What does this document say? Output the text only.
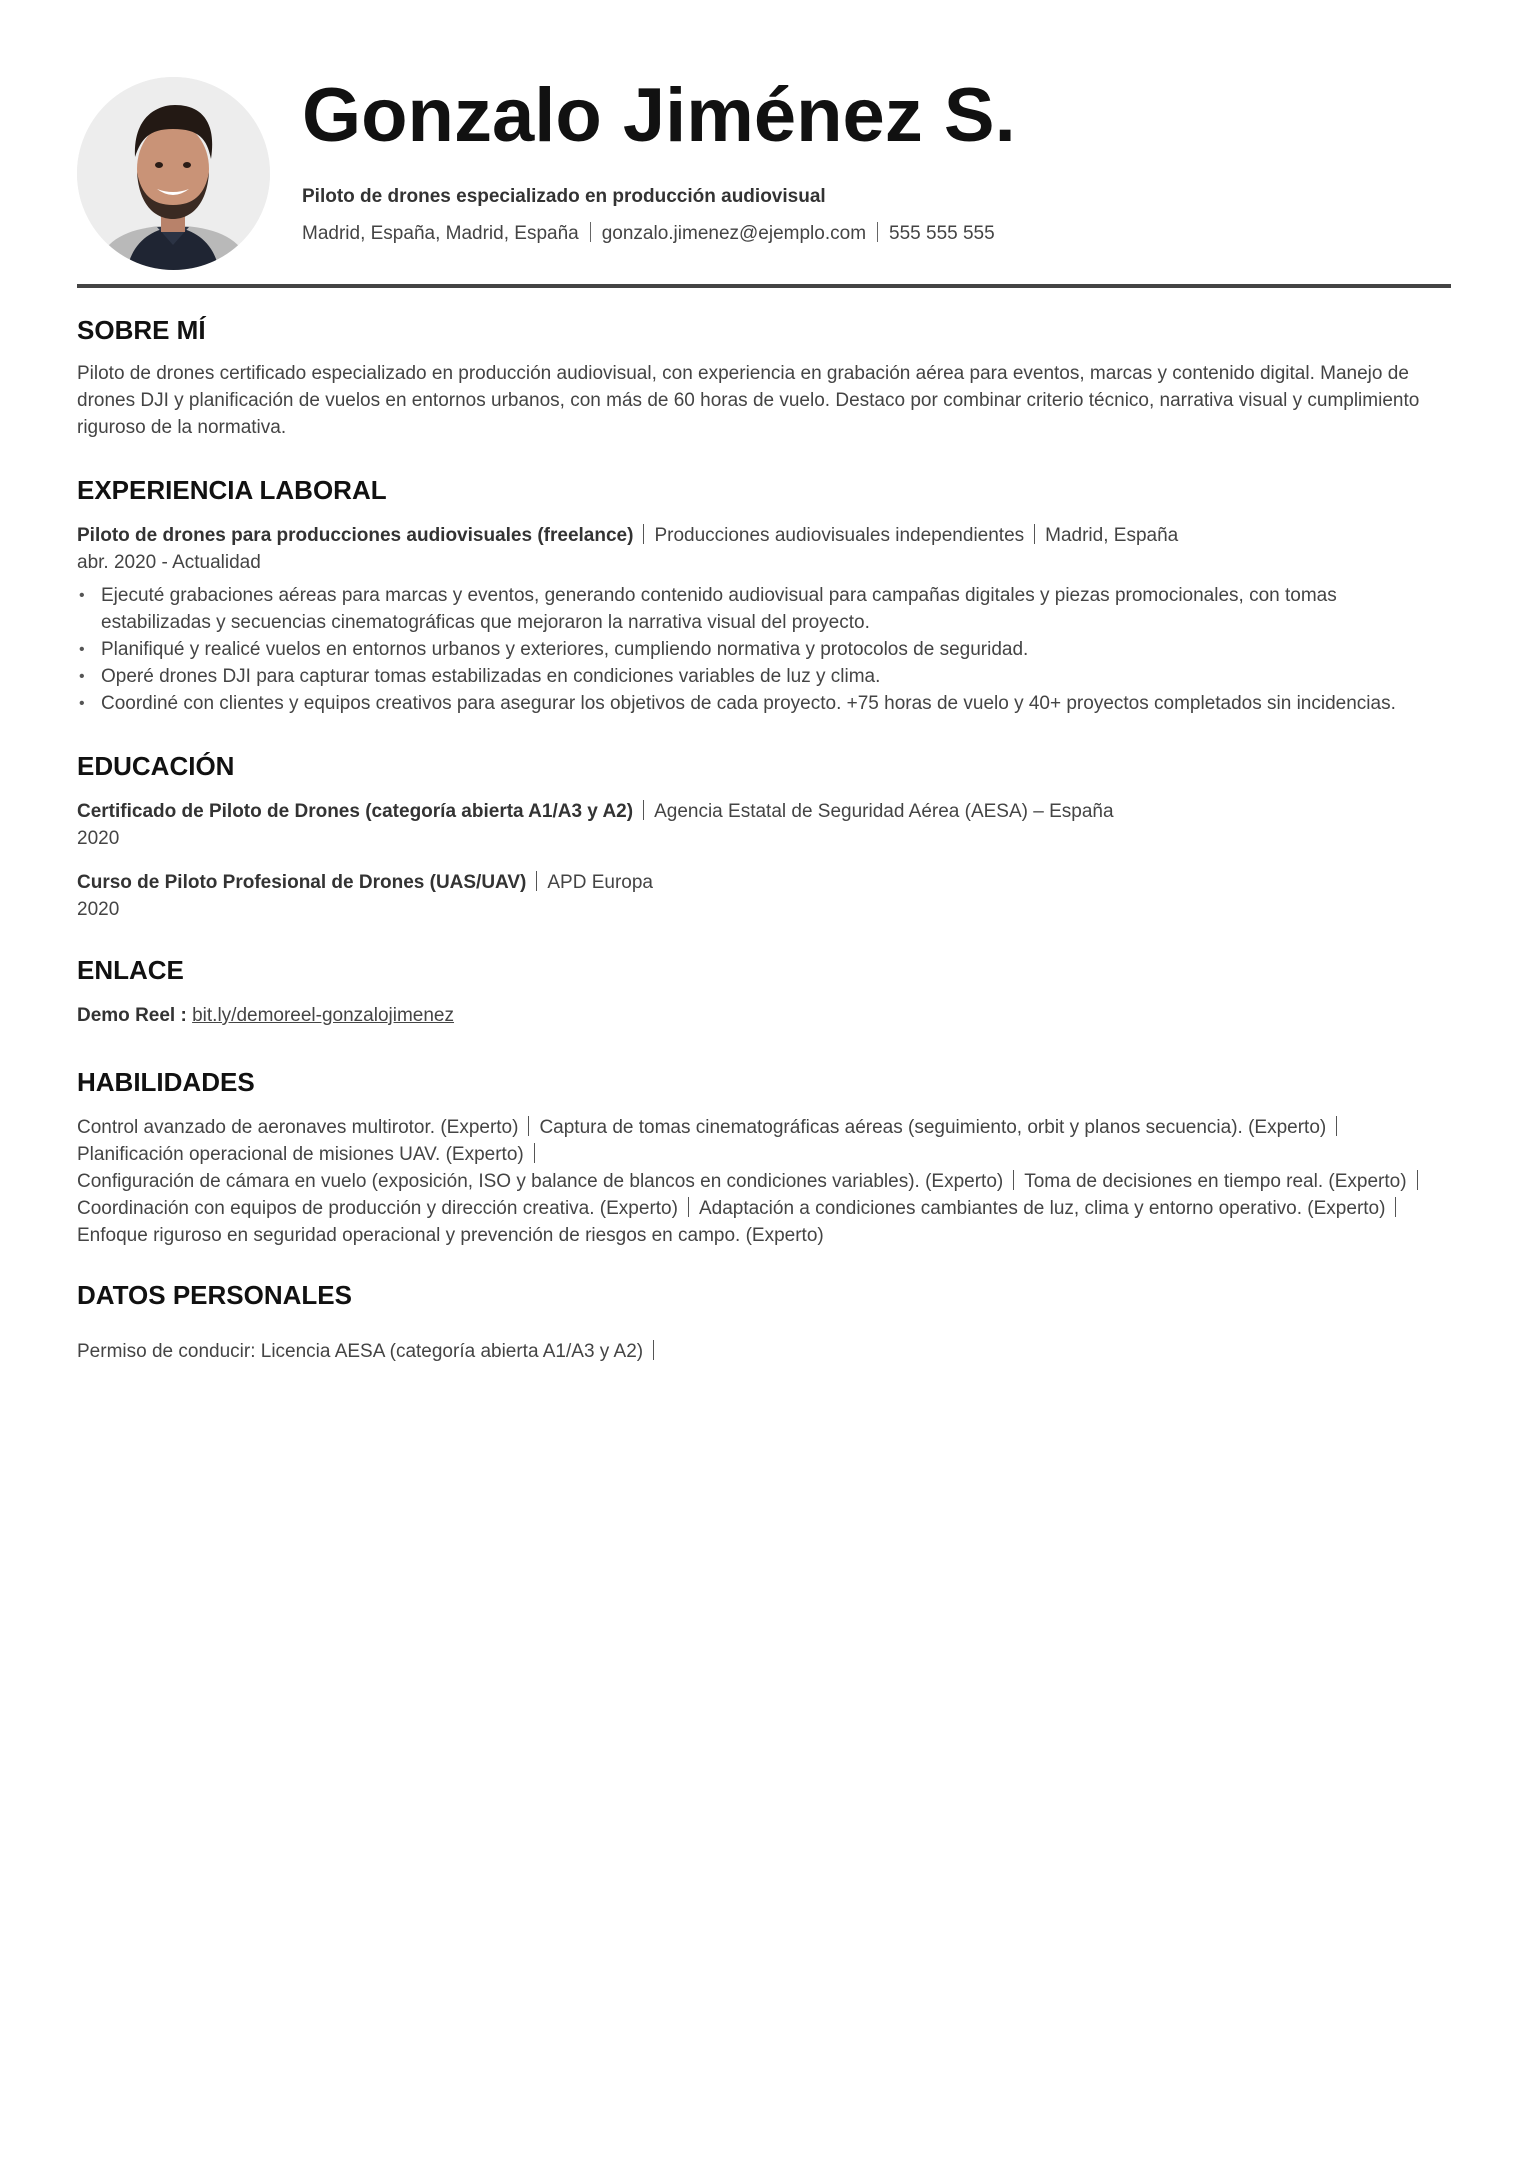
Gonzalo Jiménez S.
Piloto de drones especializado en producción audiovisual
Madrid, España, Madrid, España gonzalo.jimenez@ejemplo.com 555 555 555
SOBRE MÍ
Piloto de drones certificado especializado en producción audiovisual, con experiencia en grabación aérea para eventos, marcas y contenido digital. Manejo de drones DJI y planificación de vuelos en entornos urbanos, con más de 60 horas de vuelo. Destaco por combinar criterio técnico, narrativa visual y cumplimiento riguroso de la normativa.
EXPERIENCIA LABORAL
Piloto de drones para producciones audiovisuales (freelance) Producciones audiovisuales independientes Madrid, España
abr. 2020 - Actualidad
• Ejecuté grabaciones aéreas para marcas y eventos, generando contenido audiovisual para campañas digitales y piezas promocionales, con tomas estabilizadas y secuencias cinematográficas que mejoraron la narrativa visual del proyecto.
• Planifiqué y realicé vuelos en entornos urbanos y exteriores, cumpliendo normativa y protocolos de seguridad.
• Operé drones DJI para capturar tomas estabilizadas en condiciones variables de luz y clima.
• Coordiné con clientes y equipos creativos para asegurar los objetivos de cada proyecto. +75 horas de vuelo y 40+ proyectos completados sin incidencias.
EDUCACIÓN
Certificado de Piloto de Drones (categoría abierta A1/A3 y A2) Agencia Estatal de Seguridad Aérea (AESA) – España
2020
Curso de Piloto Profesional de Drones (UAS/UAV) APD Europa
2020
ENLACE
Demo Reel : bit.ly/demoreel-gonzalojimenez
HABILIDADES
Control avanzado de aeronaves multirotor. (Experto) Captura de tomas cinematográficas aéreas (seguimiento, orbit y planos secuencia). (Experto)
Planificación operacional de misiones UAV. (Experto)
Configuración de cámara en vuelo (exposición, ISO y balance de blancos en condiciones variables). (Experto) Toma de decisiones en tiempo real. (Experto)
Coordinación con equipos de producción y dirección creativa. (Experto) Adaptación a condiciones cambiantes de luz, clima y entorno operativo. (Experto)
Enfoque riguroso en seguridad operacional y prevención de riesgos en campo. (Experto)
DATOS PERSONALES
Permiso de conducir: Licencia AESA (categoría abierta A1/A3 y A2)
